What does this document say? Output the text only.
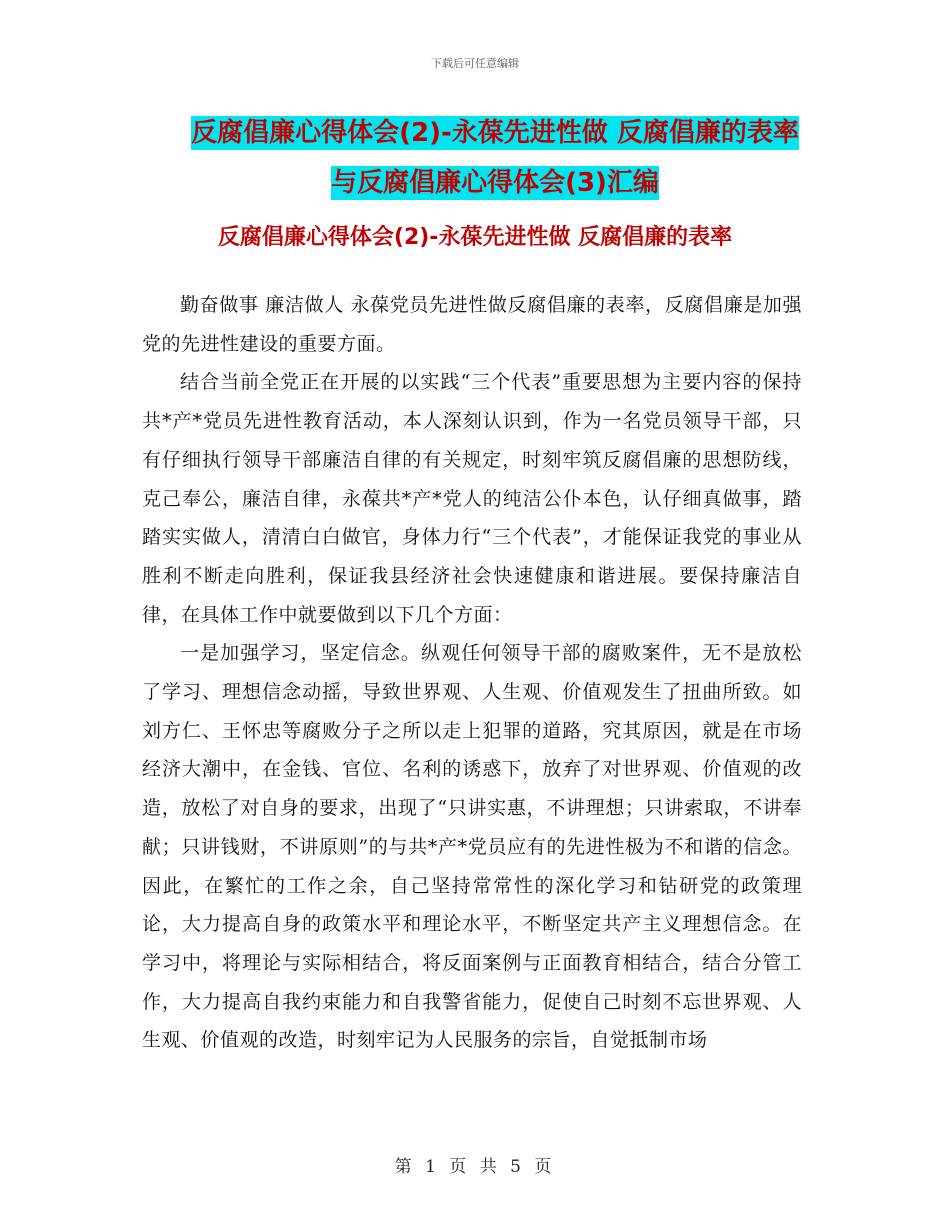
下载后可任意编辑
反腐倡廉心得体会(2)-永葆先进性做 反腐倡廉的表率
与反腐倡廉心得体会(3)汇编
反腐倡廉心得体会(2)-永葆先进性做 反腐倡廉的表率

勤奋做事 廉洁做人 永葆党员先进性做反腐倡廉的表率，反腐倡廉是加强党的先进性建设的重要方面。

结合当前全党正在开展的以实践“三个代表”重要思想为主要内容的保持共*产*党员先进性教育活动，本人深刻认识到，作为一名党员领导干部，只有仔细执行领导干部廉洁自律的有关规定，时刻牢筑反腐倡廉的思想防线，克己奉公，廉洁自律，永葆共*产*党人的纯洁公仆本色，认仔细真做事，踏踏实实做人，清清白白做官，身体力行“三个代表”，才能保证我党的事业从胜利不断走向胜利，保证我县经济社会快速健康和谐进展。要保持廉洁自律，在具体工作中就要做到以下几个方面：

一是加强学习，坚定信念。纵观任何领导干部的腐败案件，无不是放松了学习、理想信念动摇，导致世界观、人生观、价值观发生了扭曲所致。如刘方仁、王怀忠等腐败分子之所以走上犯罪的道路，究其原因，就是在市场经济大潮中，在金钱、官位、名利的诱惑下，放弃了对世界观、价值观的改造，放松了对自身的要求，出现了“只讲实惠，不讲理想；只讲索取，不讲奉献；只讲钱财，不讲原则”的与共*产*党员应有的先进性极为不和谐的信念。因此，在繁忙的工作之余，自己坚持常常性的深化学习和钻研党的政策理论，大力提高自身的政策水平和理论水平，不断坚定共产主义理想信念。在学习中，将理论与实际相结合，将反面案例与正面教育相结合，结合分管工作，大力提高自我约束能力和自我警省能力，促使自己时刻不忘世界观、人生观、价值观的改造，时刻牢记为人民服务的宗旨，自觉抵制市场

第 1 页 共 5 页
